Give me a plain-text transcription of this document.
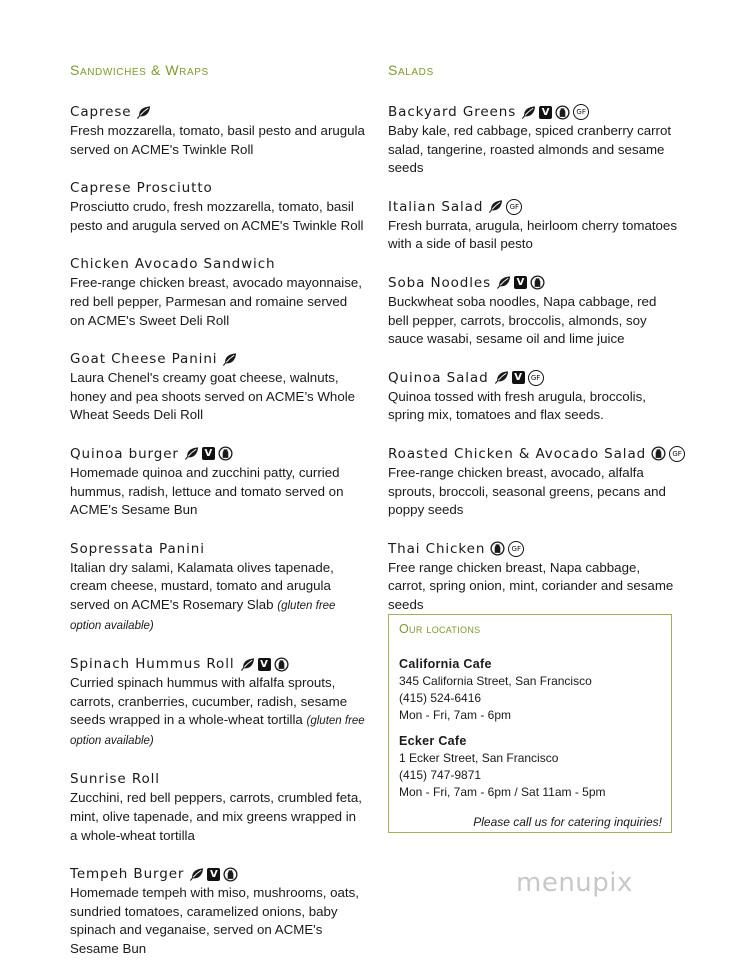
Sandwiches & Wraps
Caprese
Fresh mozzarella, tomato, basil pesto and arugula served on ACME's Twinkle Roll
Caprese Prosciutto
Prosciutto crudo, fresh mozzarella, tomato, basil pesto and arugula served on ACME's Twinkle Roll
Chicken Avocado Sandwich
Free-range chicken breast, avocado mayonnaise, red bell pepper, Parmesan and romaine served on ACME's Sweet Deli Roll
Goat Cheese Panini
Laura Chenel's creamy goat cheese, walnuts, honey and pea shoots served on ACME’s Whole Wheat Seeds Deli Roll
Quinoa burger	V
Homemade quinoa and zucchini patty, curried hummus, radish, lettuce and tomato served on ACME's Sesame Bun
Sopressata Panini
Italian dry salami, Kalamata olives tapenade, cream cheese, mustard, tomato and arugula served on ACME's Rosemary Slab (gluten free option available)
Spinach Hummus Roll	V
Curried spinach hummus with alfalfa sprouts, carrots, cranberries, cucumber, radish, sesame seeds wrapped in a whole-wheat tortilla (gluten free option available)
Sunrise Roll
Zucchini, red bell peppers, carrots, crumbled feta, mint, olive tapenade, and mix greens wrapped in a whole-wheat tortilla
Tempeh Burger	V
Homemade tempeh with miso, mushrooms, oats, sundried tomatoes, caramelized onions, baby spinach and veganaise, served on ACME's Sesame Bun
Salads
Backyard Greens	V	GF
Baby kale, red cabbage, spiced cranberry carrot salad, tangerine, roasted almonds and sesame seeds
Italian Salad	GF
Fresh burrata, arugula, heirloom cherry tomatoes with a side of basil pesto
Soba Noodles	V
Buckwheat soba noodles, Napa cabbage, red bell pepper, carrots, broccolis, almonds, soy sauce wasabi, sesame oil and lime juice
Quinoa Salad	V	GF
Quinoa tossed with fresh arugula, broccolis, spring mix, tomatoes and flax seeds.
Roasted Chicken & Avocado Salad	GF
Free-range chicken breast, avocado, alfalfa sprouts, broccoli, seasonal greens, pecans and poppy seeds
Thai Chicken	GF
Free range chicken breast, Napa cabbage, carrot, spring onion, mint, coriander and sesame seeds
Our locations
California Cafe
345 California Street, San Francisco
(415) 524-6416
Mon - Fri, 7am - 6pm
Ecker Cafe
1 Ecker Street, San Francisco
(415) 747-9871
Mon - Fri, 7am - 6pm / Sat 11am - 5pm
Please call us for catering inquiries!
menupix
